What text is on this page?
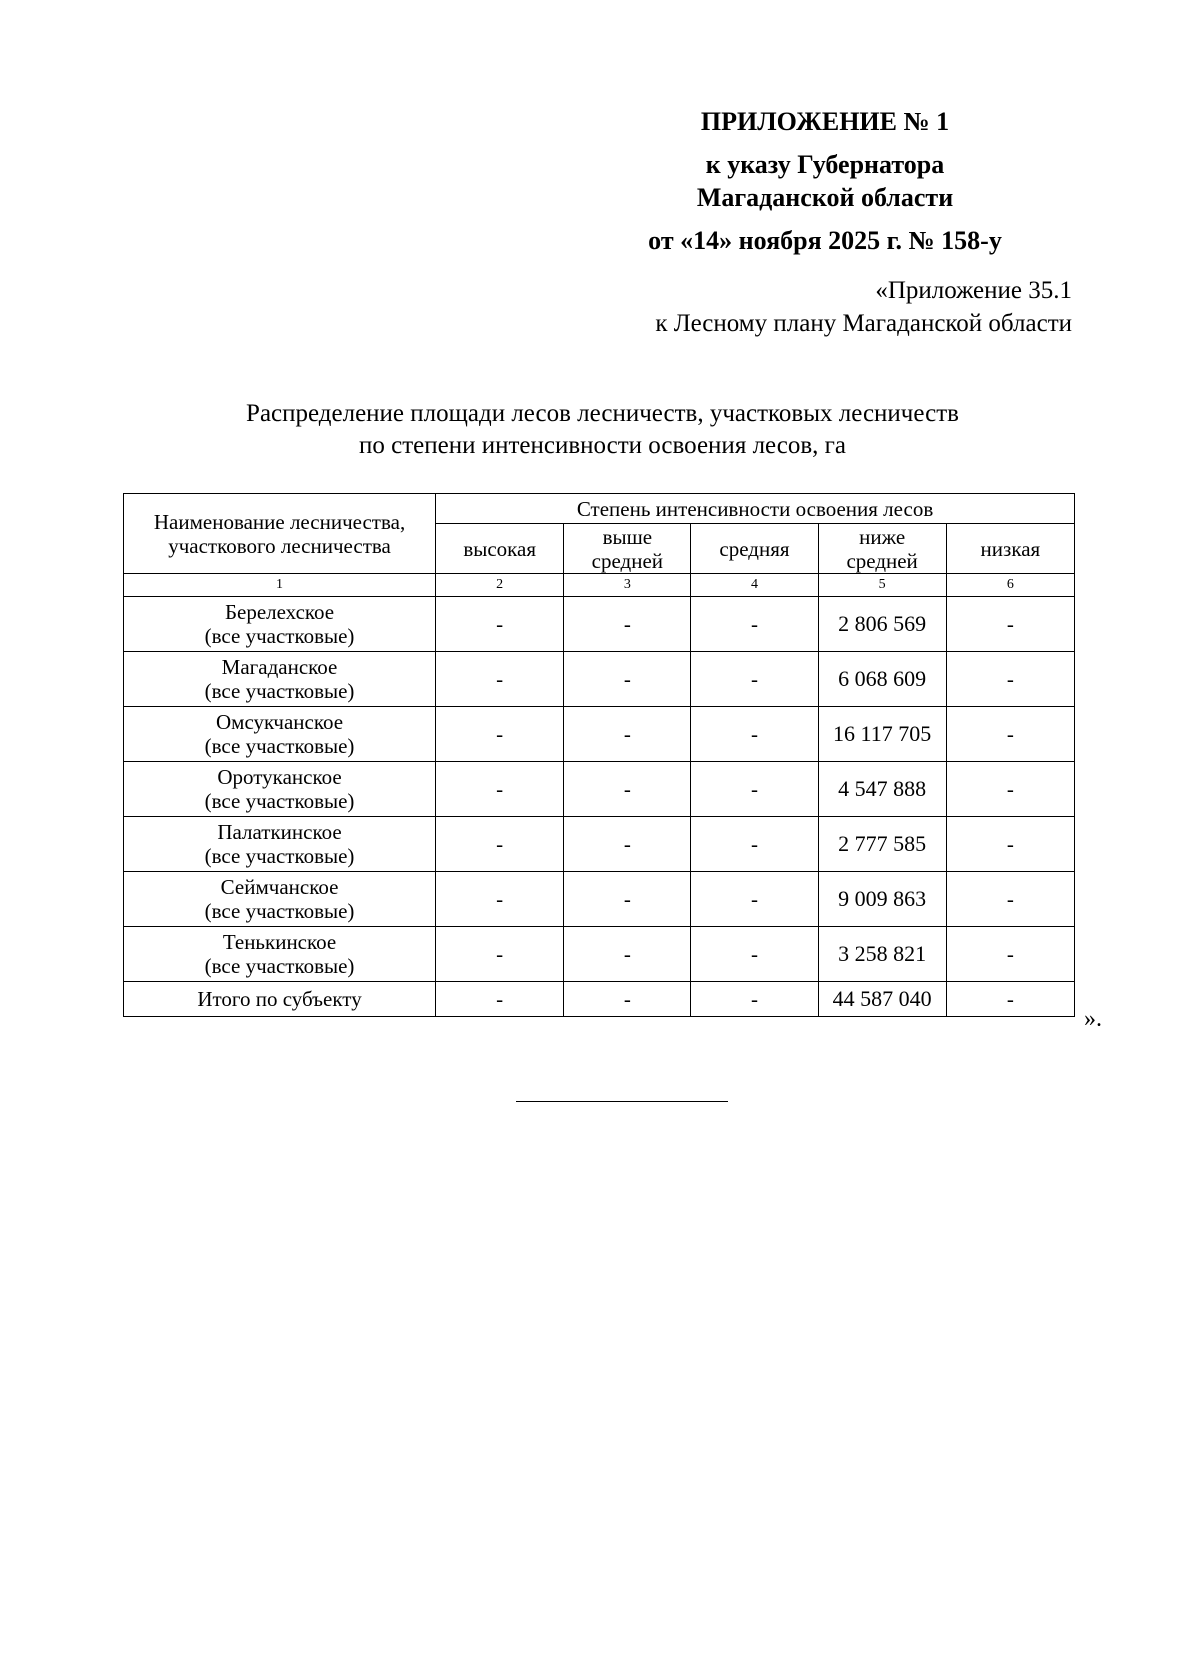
ПРИЛОЖЕНИЕ № 1
к указу Губернатора
Магаданской области
от «14» ноября 2025 г. № 158-у
«Приложение 35.1
к Лесному плану Магаданской области
Распределение площади лесов лесничеств, участковых лесничеств
по степени интенсивности освоения лесов, га
Наименование лесничества, участкового лесничества	Степень интенсивности освоения лесов				
	высокая	выше средней	средняя	ниже средней	низкая
1	2	3	4	5	6

Берелехское
(все участковые)	-	-	-	2 806 569	-

Магаданское
(все участковые)	-	-	-	6 068 609	-

Омсукчанское
(все участковые)	-	-	-	16 117 705	-

Оротуканское
(все участковые)	-	-	-	4 547 888	-

Палаткинское
(все участковые)	-	-	-	2 777 585	-

Сеймчанское
(все участковые)	-	-	-	9 009 863	-

Тенькинское
(все участковые)	-	-	-	3 258 821	-
Итого по субъекту	-	-	-	44 587 040	-
».
